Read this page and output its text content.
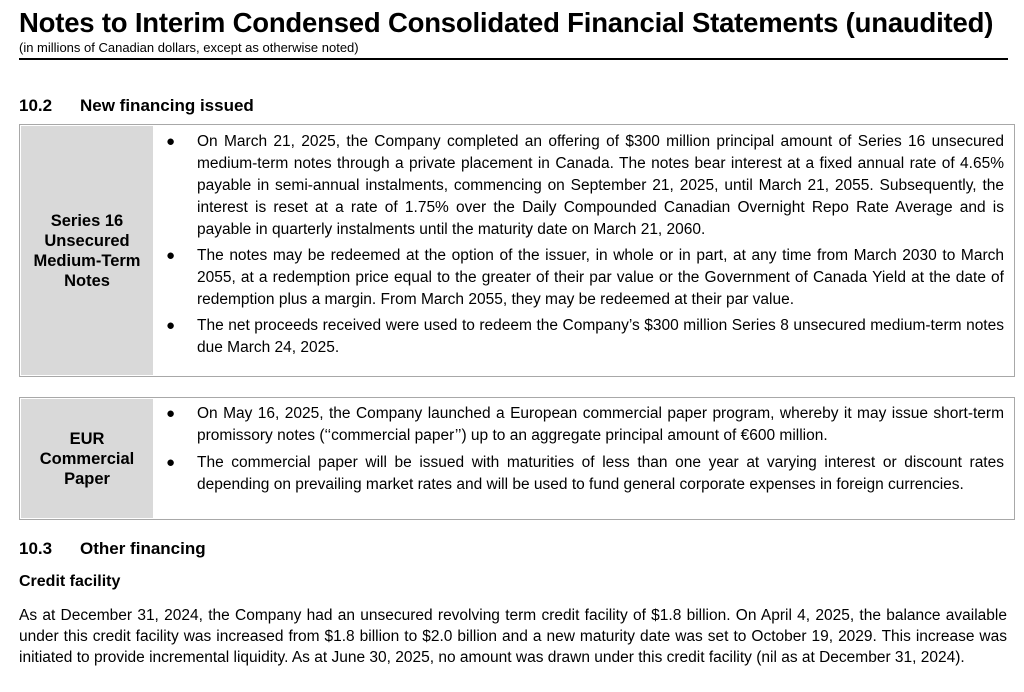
Notes to Interim Condensed Consolidated Financial Statements (unaudited)
(in millions of Canadian dollars, except as otherwise noted)
10.2 New financing issued
Series 16 Unsecured Medium-Term Notes
● On March 21, 2025, the Company completed an offering of $300 million principal amount of Series 16 unsecured medium-term notes through a private placement in Canada. The notes bear interest at a fixed annual rate of 4.65% payable in semi-annual instalments, commencing on September 21, 2025, until March 21, 2055. Subsequently, the interest is reset at a rate of 1.75% over the Daily Compounded Canadian Overnight Repo Rate Average and is payable in quarterly instalments until the maturity date on March 21, 2060.
● The notes may be redeemed at the option of the issuer, in whole or in part, at any time from March 2030 to March 2055, at a redemption price equal to the greater of their par value or the Government of Canada Yield at the date of redemption plus a margin. From March 2055, they may be redeemed at their par value.
● The net proceeds received were used to redeem the Company’s $300 million Series 8 unsecured medium-term notes due March 24, 2025.
EUR Commercial Paper
● On May 16, 2025, the Company launched a European commercial paper program, whereby it may issue short-term promissory notes (‘‘commercial paper’’) up to an aggregate principal amount of €600 million.
● The commercial paper will be issued with maturities of less than one year at varying interest or discount rates depending on prevailing market rates and will be used to fund general corporate expenses in foreign currencies.
10.3 Other financing
Credit facility
As at December 31, 2024, the Company had an unsecured revolving term credit facility of $1.8 billion. On April 4, 2025, the balance available under this credit facility was increased from $1.8 billion to $2.0 billion and a new maturity date was set to October 19, 2029. This increase was initiated to provide incremental liquidity. As at June 30, 2025, no amount was drawn under this credit facility (nil as at December 31, 2024).
